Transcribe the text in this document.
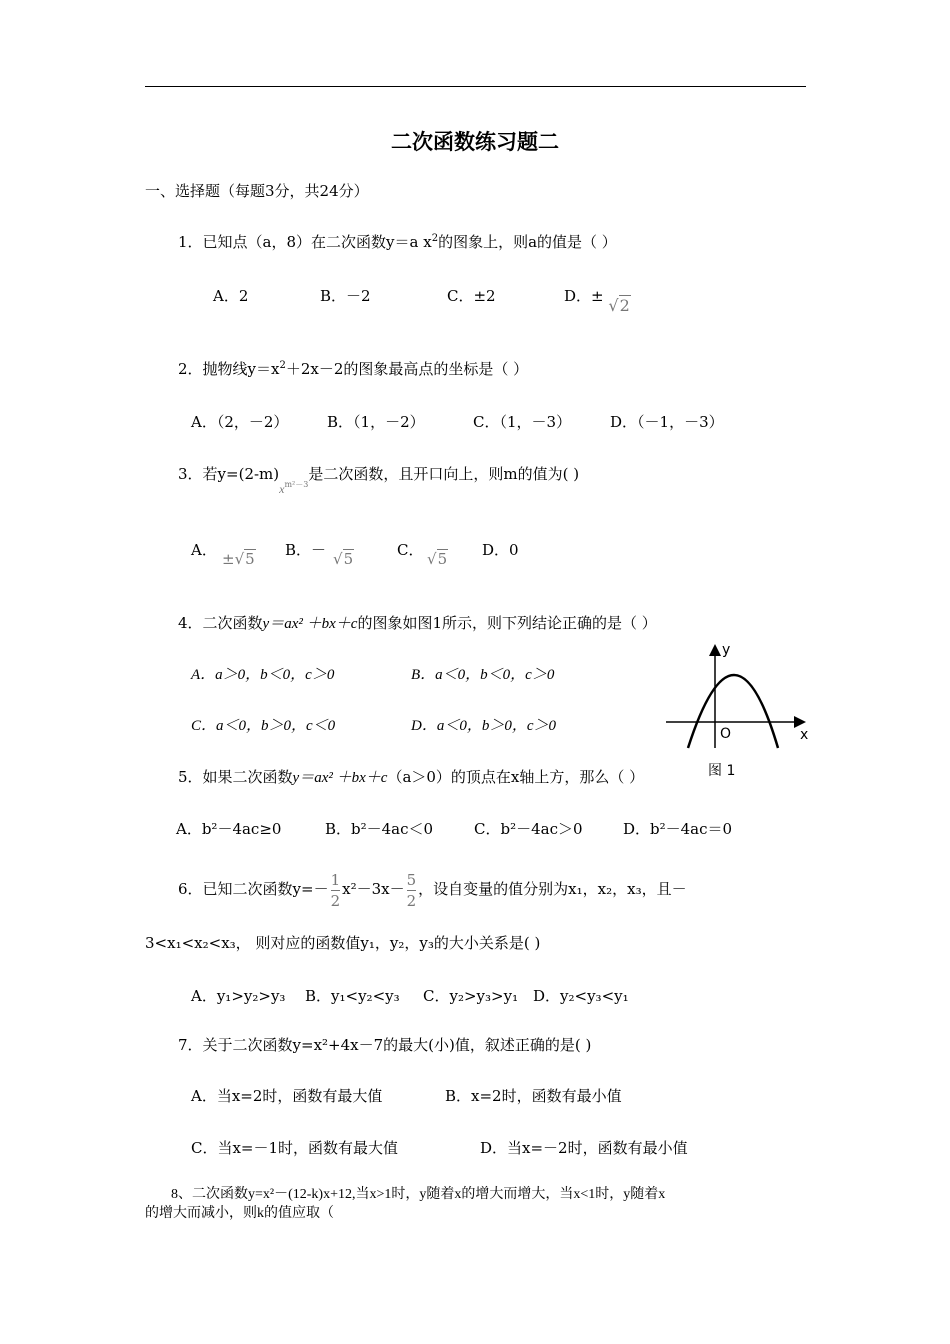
二次函数练习题二
一、选择题（每题3分，共24分）
1．已知点（a，8）在二次函数y＝a $x^2$的图象上，则a的值是（ ）
A．2	B．－2	C．±2	D．± √2
2．抛物线$y=x^2+2x-2$的图象最高点的坐标是（ ）
A．（2，－2）	B．（1，－2）	C．（1，－3）	D．（－1，－3）
3．若$y=(2-m)_{xm^2-3}$是二次函数，且开口向上，则m的值为( )
A． ±√5 B．－ √5	C． √5 D．0
4．二次函数y＝ax² ＋bx＋c的图象如图1所示，则下列结论正确的是（ ）
A．a＞0，b＜0，c＞0	B．a＜0，b＜0，c＞0
C．a＜0，b＞0，c＜0	D．a＜0，b＞0，c＞0
y
x
O
图 1
5．如果二次函数y＝ax² ＋bx＋c（a＞0）的顶点在x轴上方，那么（ ）
A．b²－4ac≥0	B．b²－4ac＜0	C．b²－4ac＞0	D．b²－4ac＝0
6．已知二次函数$y=- \frac{1}{2} x^2-3x- \frac{5}{2}$ ，设自变量的值分别为x₁，x₂，x₃，且－
3<x₁<x₂<x₃， 则对应的函数值y₁，y₂，y₃的大小关系是( )
A．y₁>y₂>y₃ B．y₁<y₂<y₃ C．y₂>y₃>y₁ D．y₂<y₃<y₁
7．关于二次函数y=x²+4x－7的最大(小)值，叙述正确的是( )
A．当x=2时，函数有最大值	B．x=2时，函数有最小值
C．当x=－1时，函数有最大值	D．当x=－2时，函数有最小值
8、二次函数y=x²－(12-k)x+12,当x>1时，y随着x的增大而增大，当x<1时，y随着x
的增大而减小，则k的值应取（
